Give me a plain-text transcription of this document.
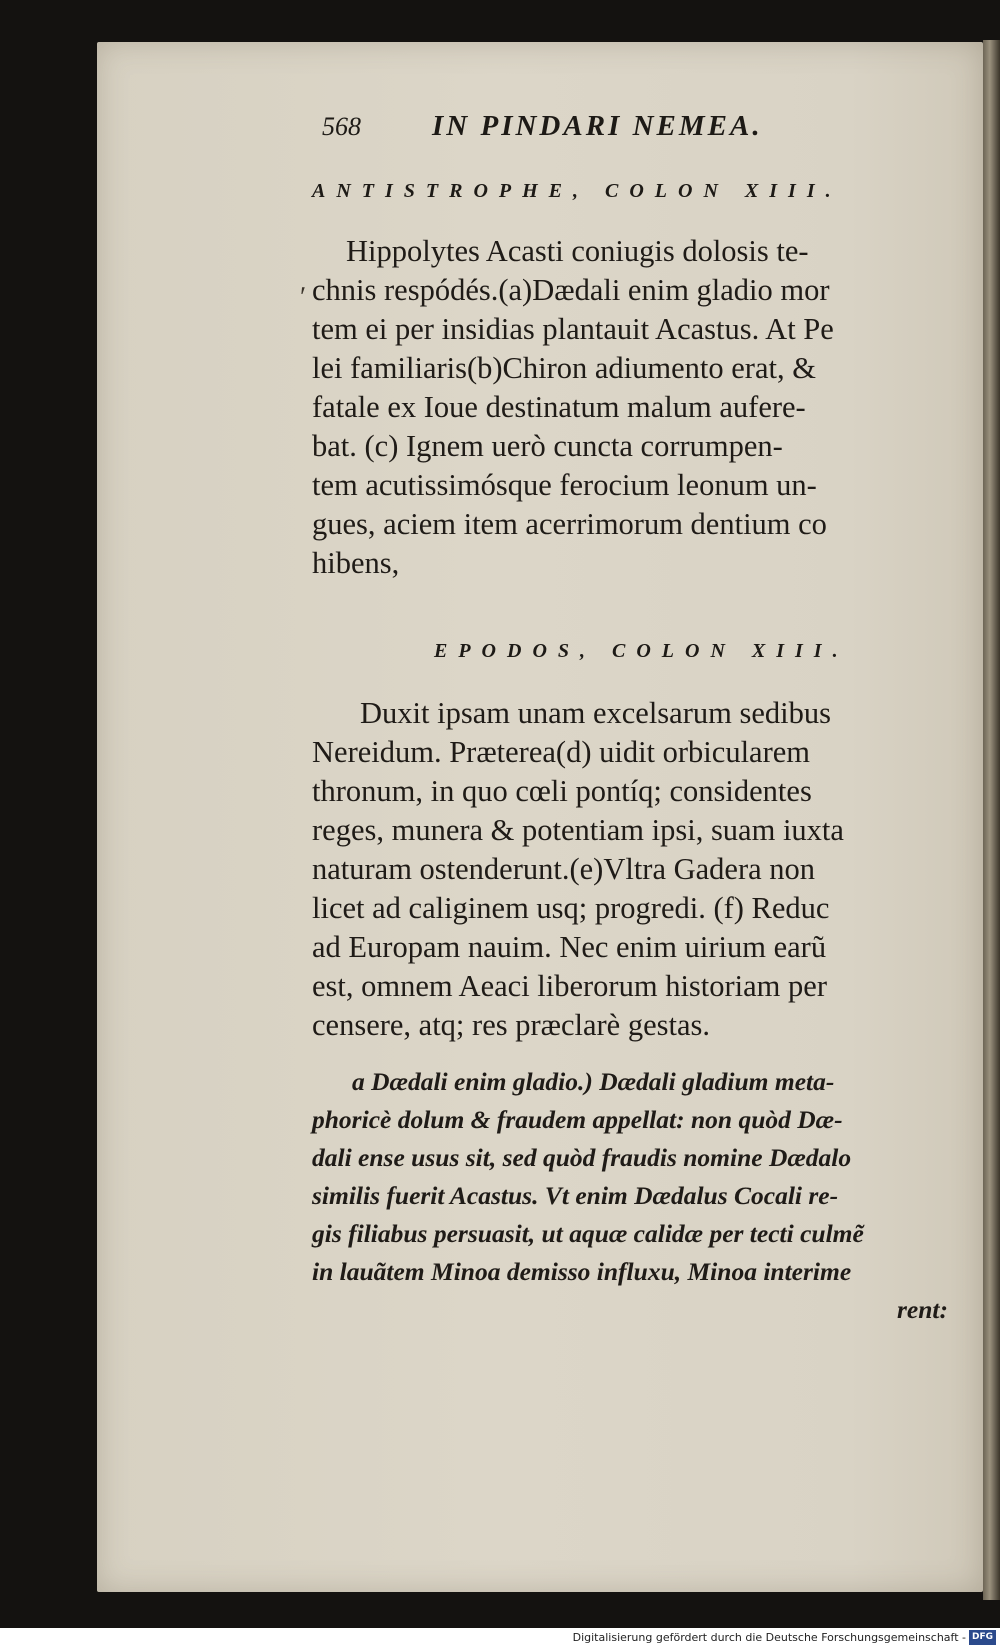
568 IN PINDARI NEMEA.
ANTISTROPHE, COLON XIII.
ʹ
Hippolytes Acasti coniugis dolosis te-
chnis respódés.(a)Dædali enim gladio mor
tem ei per insidias plantauit Acastus. At Pe
lei familiaris(b)Chiron adiumento erat, &
fatale ex Ioue destinatum malum aufere-
bat. (c) Ignem uerò cuncta corrumpen-
tem acutissimósque ferocium leonum un-
gues, aciem item acerrimorum dentium co
hibens,
EPODOS, COLON XIII.
Duxit ipsam unam excelsarum sedibus
Nereidum. Præterea(d) uidit orbicularem
thronum, in quo cœli pontíq; considentes
reges, munera & potentiam ipsi, suam iuxta
naturam ostenderunt.(e)Vltra Gadera non
licet ad caliginem usq; progredi. (f) Reduc
ad Europam nauim. Nec enim uirium earũ
est, omnem Aeaci liberorum historiam per
censere, atq; res præclarè gestas.
a Dædali enim gladio.) Dædali gladium meta-
phoricè dolum & fraudem appellat: non quòd Dæ-
dali ense usus sit, sed quòd fraudis nomine Dædalo
similis fuerit Acastus. Vt enim Dædalus Cocali re-
gis filiabus persuasit, ut aquæ calidæ per tecti culmẽ
in lauãtem Minoa demisso influxu, Minoa interime
rent:
Digitalisierung gefördert durch die Deutsche Forschungsgemeinschaft - DFG
